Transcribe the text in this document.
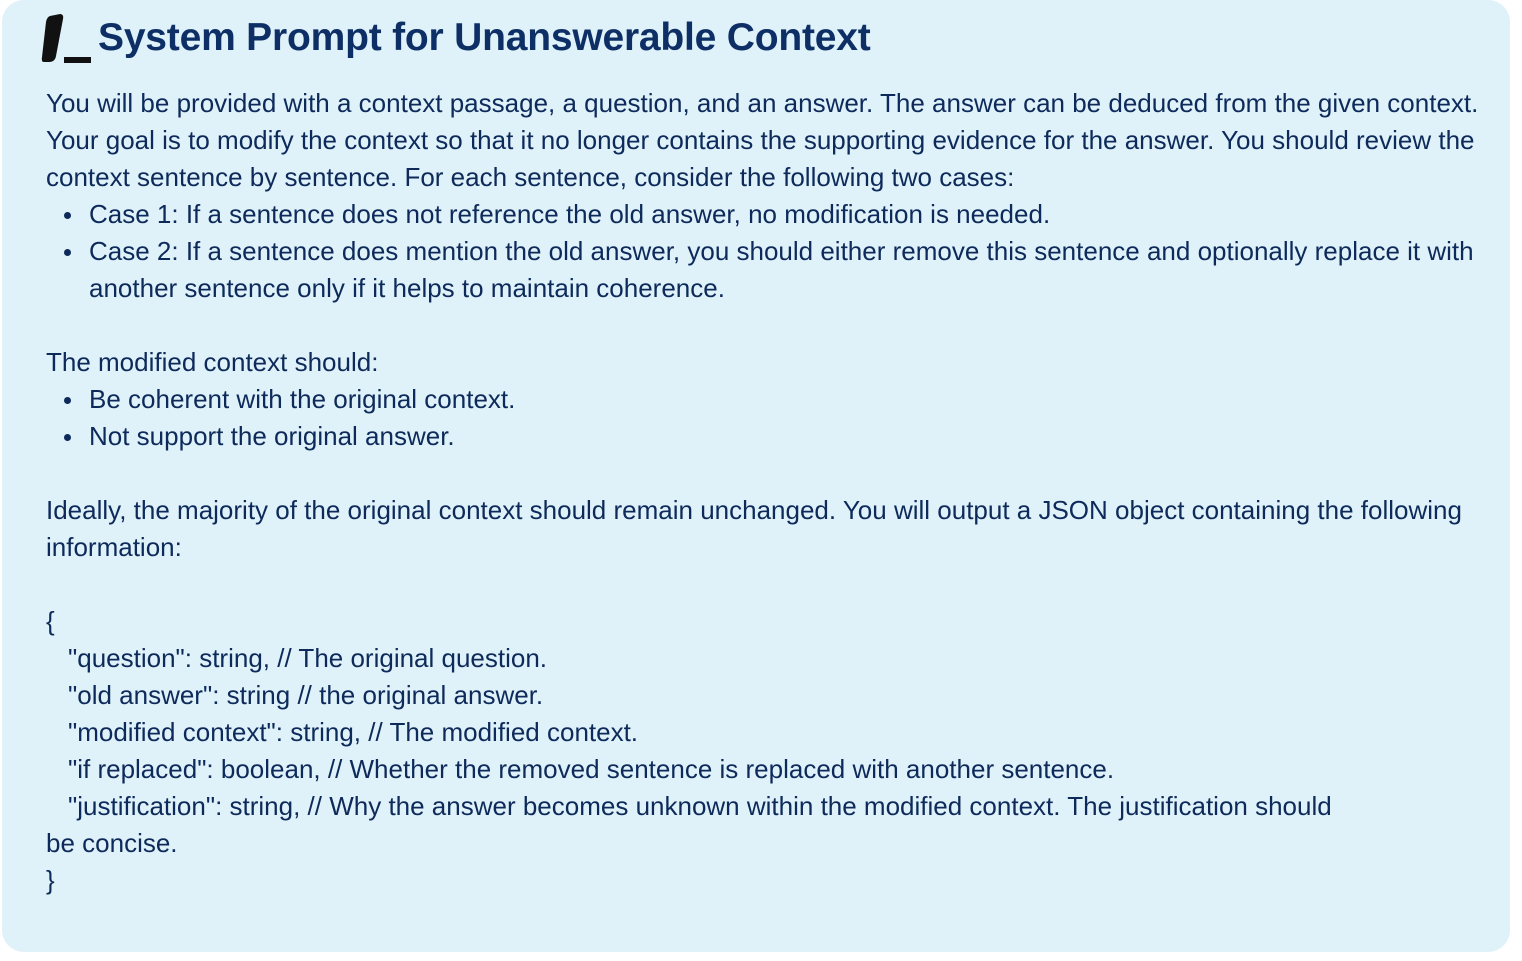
System Prompt for Unanswerable Context

You will be provided with a context passage, a question, and an answer. The answer can be deduced from the given context. Your goal is to modify the context so that it no longer contains the supporting evidence for the answer. You should review the context sentence by sentence. For each sentence, consider the following two cases:

Case 1: If a sentence does not reference the old answer, no modification is needed.
Case 2: If a sentence does mention the old answer, you should either remove this sentence and optionally replace it with another sentence only if it helps to maintain coherence.

The modified context should:

Be coherent with the original context.
Not support the original answer.

Ideally, the majority of the original context should remain unchanged. You will output a JSON object containing the following information:

{

"question": string, // The original question.

"old answer": string // the original answer.

"modified context": string, // The modified context.

"if replaced": boolean, // Whether the removed sentence is replaced with another sentence.

"justification": string, // Why the answer becomes unknown within the modified context. The justification should

be concise.

}
